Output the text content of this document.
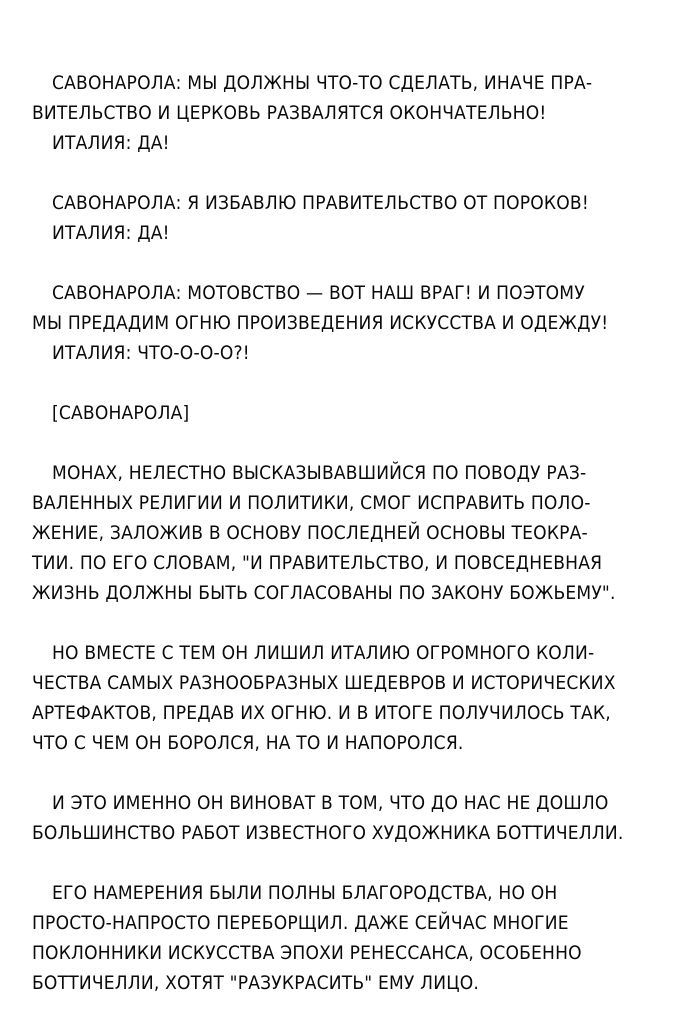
САВОНАРОЛА: МЫ ДОЛЖНЫ ЧТО-ТО СДЕЛАТЬ, ИНАЧЕ ПРА-
ВИТЕЛЬСТВО И ЦЕРКОВЬ РАЗВАЛЯТСЯ ОКОНЧАТЕЛЬНО!
ИТАЛИЯ: ДА!
САВОНАРОЛА: Я ИЗБАВЛЮ ПРАВИТЕЛЬСТВО ОТ ПОРОКОВ!
ИТАЛИЯ: ДА!
САВОНАРОЛА: МОТОВСТВО — ВОТ НАШ ВРАГ! И ПОЭТОМУ
МЫ ПРЕДАДИМ ОГНЮ ПРОИЗВЕДЕНИЯ ИСКУССТВА И ОДЕЖДУ!
ИТАЛИЯ: ЧТО-О-О-О?!
[САВОНАРОЛА]
МОНАХ, НЕЛЕСТНО ВЫСКАЗЫВАВШИЙСЯ ПО ПОВОДУ РАЗ-
ВАЛЕННЫХ РЕЛИГИИ И ПОЛИТИКИ, СМОГ ИСПРАВИТЬ ПОЛО-
ЖЕНИЕ, ЗАЛОЖИВ В ОСНОВУ ПОСЛЕДНЕЙ ОСНОВЫ ТЕОКРА-
ТИИ. ПО ЕГО СЛОВАМ, "И ПРАВИТЕЛЬСТВО, И ПОВСЕДНЕВНАЯ
ЖИЗНЬ ДОЛЖНЫ БЫТЬ СОГЛАСОВАНЫ ПО ЗАКОНУ БОЖЬЕМУ".
НО ВМЕСТЕ С ТЕМ ОН ЛИШИЛ ИТАЛИЮ ОГРОМНОГО КОЛИ-
ЧЕСТВА САМЫХ РАЗНООБРАЗНЫХ ШЕДЕВРОВ И ИСТОРИЧЕСКИХ
АРТЕФАКТОВ, ПРЕДАВ ИХ ОГНЮ. И В ИТОГЕ ПОЛУЧИЛОСЬ ТАК,
ЧТО С ЧЕМ ОН БОРОЛСЯ, НА ТО И НАПОРОЛСЯ.
И ЭТО ИМЕННО ОН ВИНОВАТ В ТОМ, ЧТО ДО НАС НЕ ДОШЛО
БОЛЬШИНСТВО РАБОТ ИЗВЕСТНОГО ХУДОЖНИКА БОТТИЧЕЛЛИ.
ЕГО НАМЕРЕНИЯ БЫЛИ ПОЛНЫ БЛАГОРОДСТВА, НО ОН
ПРОСТО-НАПРОСТО ПЕРЕБОРЩИЛ. ДАЖЕ СЕЙЧАС МНОГИЕ
ПОКЛОННИКИ ИСКУССТВА ЭПОХИ РЕНЕССАНСА, ОСОБЕННО
БОТТИЧЕЛЛИ, ХОТЯТ "РАЗУКРАСИТЬ" ЕМУ ЛИЦО.
